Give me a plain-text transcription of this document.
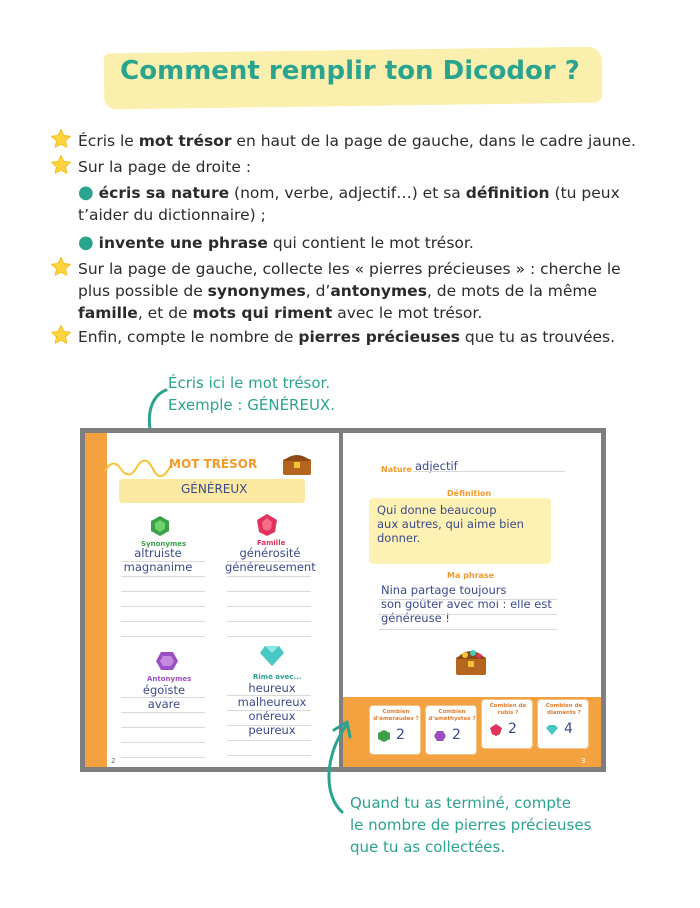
Comment remplir ton Dicodor ?
Écris le mot trésor en haut de la page de gauche, dans le cadre jaune.
Sur la page de droite :
● écris sa nature (nom, verbe, adjectif…) et sa définition (tu peux t’aider du dictionnaire) ;
● invente une phrase qui contient le mot trésor.
Sur la page de gauche, collecte les « pierres précieuses » : cherche le plus possible de synonymes, d’antonymes, de mots de la même famille, et de mots qui riment avec le mot trésor.
Enfin, compte le nombre de pierres précieuses que tu as trouvées.
Écris ici le mot trésor.
Exemple : GÉNÉREUX.
MOT TRÉSOR
GÉNÉREUX
Synonymes
altruiste
magnanime
Famille
générosité
généreusement
Antonymes
égoïste
avare
Rime avec...
heureux
malheureux
onéreux
peureux
2
Nature adjectif
Définition
Qui donne beaucoup
aux autres, qui aime bien
donner.
Ma phrase
Nina partage toujours
son goûter avec moi : elle est
généreuse !
Butin collecté
Combien d’émeraudes ?
2
Combien d’améthystes ?
2
Combien de rubis ?
2
Combien de diamants ?
4
3
Quand tu as terminé, compte
le nombre de pierres précieuses
que tu as collectées.
